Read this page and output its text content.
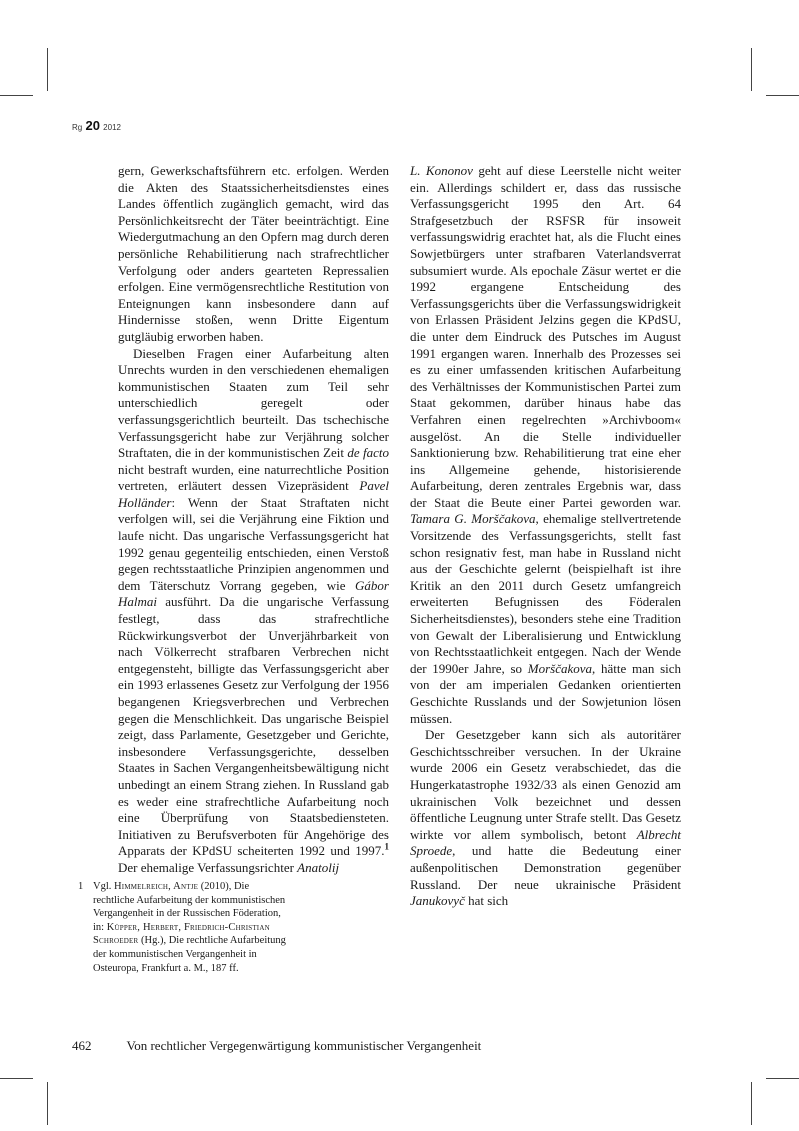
Rg 20 2012

gern, Gewerkschaftsführern etc. erfolgen. Werden die Akten des Staatssicherheitsdienstes eines Landes öffentlich zugänglich gemacht, wird das Persönlichkeitsrecht der Täter beeinträchtigt. Eine Wiedergutmachung an den Opfern mag durch deren persönliche Rehabilitierung nach strafrechtlicher Verfolgung oder anders gearteten Repressalien erfolgen. Eine vermögensrechtliche Restitution von Enteignungen kann insbesondere dann auf Hindernisse stoßen, wenn Dritte Eigentum gutgläubig erworben haben.

Dieselben Fragen einer Aufarbeitung alten Unrechts wurden in den verschiedenen ehemaligen kommunistischen Staaten zum Teil sehr unterschiedlich geregelt oder verfassungsgerichtlich beurteilt. Das tschechische Verfassungsgericht habe zur Verjährung solcher Straftaten, die in der kommunistischen Zeit de facto nicht bestraft wurden, eine naturrechtliche Position vertreten, erläutert dessen Vizepräsident Pavel Holländer: Wenn der Staat Straftaten nicht verfolgen will, sei die Verjährung eine Fiktion und laufe nicht. Das ungarische Verfassungsgericht hat 1992 genau gegenteilig entschieden, einen Verstoß gegen rechtsstaatliche Prinzipien angenommen und dem Täterschutz Vorrang gegeben, wie Gábor Halmai ausführt. Da die ungarische Verfassung festlegt, dass das strafrechtliche Rückwirkungsverbot der Unverjährbarkeit von nach Völkerrecht strafbaren Verbrechen nicht entgegensteht, billigte das Verfassungsgericht aber ein 1993 erlassenes Gesetz zur Verfolgung der 1956 begangenen Kriegsverbrechen und Verbrechen gegen die Menschlichkeit. Das ungarische Beispiel zeigt, dass Parlamente, Gesetzgeber und Gerichte, insbesondere Verfassungsgerichte, desselben Staates in Sachen Vergangenheitsbewältigung nicht unbedingt an einem Strang ziehen. In Russland gab es weder eine strafrechtliche Aufarbeitung noch eine Überprüfung von Staatsbediensteten. Initiativen zu Berufsverboten für Angehörige des Apparats der KPdSU scheiterten 1992 und 1997.$^1$ Der ehemalige Verfassungsrichter Anatolij

L. Kononov geht auf diese Leerstelle nicht weiter ein. Allerdings schildert er, dass das russische Verfassungsgericht 1995 den Art. 64 Strafgesetzbuch der RSFSR für insoweit verfassungswidrig erachtet hat, als die Flucht eines Sowjetbürgers unter strafbaren Vaterlandsverrat subsumiert wurde. Als epochale Zäsur wertet er die 1992 ergangene Entscheidung des Verfassungsgerichts über die Verfassungswidrigkeit von Erlassen Präsident Jelzins gegen die KPdSU, die unter dem Eindruck des Putsches im August 1991 ergangen waren. Innerhalb des Prozesses sei es zu einer umfassenden kritischen Aufarbeitung des Verhältnisses der Kommunistischen Partei zum Staat gekommen, darüber hinaus habe das Verfahren einen regelrechten »Archivboom« ausgelöst. An die Stelle individueller Sanktionierung bzw. Rehabilitierung trat eine eher ins Allgemeine gehende, historisierende Aufarbeitung, deren zentrales Ergebnis war, dass der Staat die Beute einer Partei geworden war. Tamara G. Morščakova, ehemalige stellvertretende Vorsitzende des Verfassungsgerichts, stellt fast schon resignativ fest, man habe in Russland nicht aus der Geschichte gelernt (beispielhaft ist ihre Kritik an den 2011 durch Gesetz umfangreich erweiterten Befugnissen des Föderalen Sicherheitsdienstes), besonders stehe eine Tradition von Gewalt der Liberalisierung und Entwicklung von Rechtsstaatlichkeit entgegen. Nach der Wende der 1990er Jahre, so Morščakova, hätte man sich von der am imperialen Gedanken orientierten Geschichte Russlands und der Sowjetunion lösen müssen.

Der Gesetzgeber kann sich als autoritärer Geschichtsschreiber versuchen. In der Ukraine wurde 2006 ein Gesetz verabschiedet, das die Hungerkatastrophe 1932/33 als einen Genozid am ukrainischen Volk bezeichnet und dessen öffentliche Leugnung unter Strafe stellt. Das Gesetz wirkte vor allem symbolisch, betont Albrecht Sproede, und hatte die Bedeutung einer außenpolitischen Demonstration gegenüber Russland. Der neue ukrainische Präsident Janukovyč hat sich

1 Vgl. Himmelreich, Antje (2010), Die rechtliche Aufarbeitung der kommunistischen Vergangenheit in der Russischen Föderation, in: Küpper, Herbert, Friedrich-Christian Schroeder (Hg.), Die rechtliche Aufarbeitung der kommunistischen Vergangenheit in Osteuropa, Frankfurt a. M., 187 ff.
462	Von rechtlicher Vergegenwärtigung kommunistischer Vergangenheit
